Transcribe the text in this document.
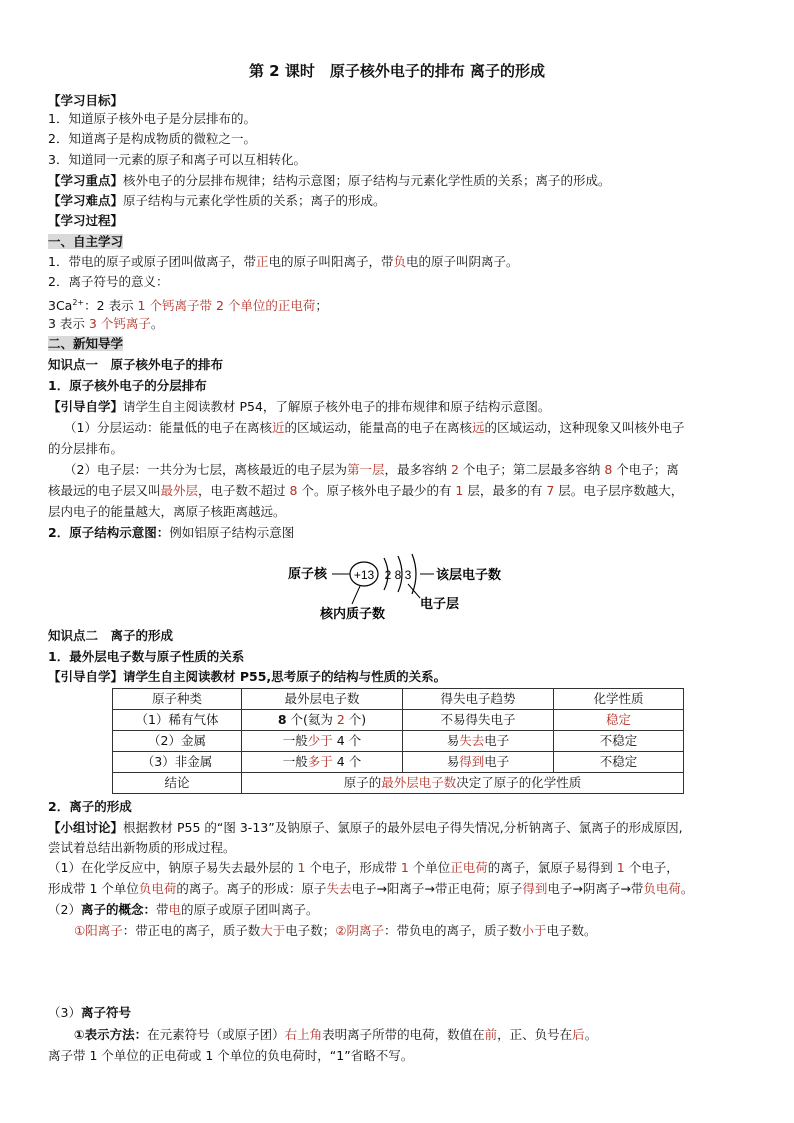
第 2 课时　原子核外电子的排布 离子的形成
【学习目标】
1．知道原子核外电子是分层排布的。
2．知道离子是构成物质的微粒之一。
3．知道同一元素的原子和离子可以互相转化。
【学习重点】核外电子的分层排布规律；结构示意图；原子结构与元素化学性质的关系；离子的形成。
【学习难点】原子结构与元素化学性质的关系；离子的形成。
【学习过程】
一、自主学习
1．带电的原子或原子团叫做离子，带正电的原子叫阳离子，带负电的原子叫阴离子。
2．离子符号的意义：
$3Ca^{2+}$：2 表示 1 个钙离子带 2 个单位的正电荷；
3 表示 3 个钙离子。
二、新知导学
知识点一　原子核外电子的排布
1．原子核外电子的分层排布
【引导自学】请学生自主阅读教材 P54，了解原子核外电子的排布规律和原子结构示意图。
（1）分层运动：能量低的电子在离核近的区域运动，能量高的电子在离核远的区域运动，这种现象又叫核外电子
的分层排布。
（2）电子层：一共分为七层，离核最近的电子层为第一层，最多容纳 2 个电子；第二层最多容纳 8 个电子；离
核最远的电子层又叫最外层，电子数不超过 8 个。原子核外电子最少的有 1 层，最多的有 7 层。电子层序数越大，
层内电子的能量越大，离原子核距离越远。
2．原子结构示意图：例如铝原子结构示意图
原子核 +13 2 8 3 该层电子数
电子层
核内质子数
知识点二　离子的形成
1．最外层电子数与原子性质的关系
【引导自学】请学生自主阅读教材 P55,思考原子的结构与性质的关系。
原子种类	最外层电子数	得失电子趋势	化学性质
（1）稀有气体	8 个(氦为 2 个)	不易得失电子	稳定
（2）金属	一般少于 4 个	易失去电子	不稳定
（3）非金属	一般多于 4 个	易得到电子	不稳定
结论	原子的最外层电子数决定了原子的化学性质		
2．离子的形成
【小组讨论】根据教材 P55 的“图 3-13”及钠原子、氯原子的最外层电子得失情况,分析钠离子、氯离子的形成原因,
尝试着总结出新物质的形成过程。
（1）在化学反应中，钠原子易失去最外层的 1 个电子，形成带 1 个单位正电荷的离子，氯原子易得到 1 个电子，
形成带 1 个单位负电荷的离子。离子的形成：原子失去电子→阳离子→带正电荷；原子得到电子→阴离子→带负电荷。
（2）离子的概念：带电的原子或原子团叫离子。
①阳离子：带正电的离子，质子数大于电子数；②阴离子：带负电的离子，质子数小于电子数。
（3）离子符号
①表示方法：在元素符号（或原子团）右上角表明离子所带的电荷，数值在前，正、负号在后。
离子带 1 个单位的正电荷或 1 个单位的负电荷时，“1”省略不写。
